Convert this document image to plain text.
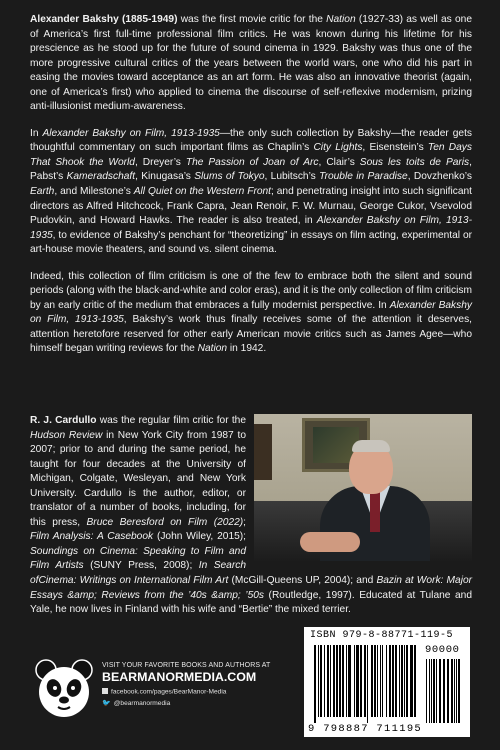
Alexander Bakshy (1885-1949) was the first movie critic for the Nation (1927-33) as well as one of America’s first full-time professional film critics. He was known during his lifetime for his prescience as he stood up for the future of sound cinema in 1929. Bakshy was thus one of the more progressive cultural critics of the years between the world wars, one who did his part in easing the movies toward acceptance as an art form. He was also an innovative theorist (again, one of America’s first) who applied to cinema the discourse of self-reflexive modernism, prizing anti-illusionist medium-awareness.

In Alexander Bakshy on Film, 1913-1935—the only such collection by Bakshy—the reader gets thoughtful commentary on such important films as Chaplin’s City Lights, Eisenstein’s Ten Days That Shook the World, Dreyer’s The Passion of Joan of Arc, Clair’s Sous les toits de Paris, Pabst’s Kameradschaft, Kinugasa’s Slums of Tokyo, Lubitsch’s Trouble in Paradise, Dovzhenko’s Earth, and Milestone’s All Quiet on the Western Front; and penetrating insight into such significant directors as Alfred Hitchcock, Frank Capra, Jean Renoir, F. W. Murnau, George Cukor, Vsevolod Pudovkin, and Howard Hawks. The reader is also treated, in Alexander Bakshy on Film, 1913-1935, to evidence of Bakshy’s penchant for “theoretizing” in essays on film acting, experimental or art-house movie theaters, and sound vs. silent cinema.

Indeed, this collection of film criticism is one of the few to embrace both the silent and sound periods (along with the black-and-white and color eras), and it is the only collection of film criticism by an early critic of the medium that embraces a fully modernist perspective. In Alexander Bakshy on Film, 1913-1935, Bakshy’s work thus finally receives some of the attention it deserves, attention heretofore reserved for other early American movie critics such as James Agee—who himself began writing reviews for the Nation in 1942.

R. J. Cardullo was the regular film critic for the Hudson Review in New York City from 1987 to 2007; prior to and during the same period, he taught for four decades at the University of Michigan, Colgate, Wesleyan, and New York University. Cardullo is the author, editor, or translator of a number of books, including, for this press, Bruce Beresford on Film (2022); Film Analysis: A Casebook (John Wiley, 2015); Soundings on Cinema: Speaking to Film and Film Artists (SUNY Press, 2008); In Search ofCinema: Writings on International Film Art (McGill-Queens UP, 2004); and Bazin at Work: Major Essays &amp; Reviews from the ’40s &amp; ’50s (Routledge, 1997). Educated at Tulane and Yale, he now lives in Finland with his wife and “Bertie” the mixed terrier.

VISIT YOUR FAVORITE BOOKS AND AUTHORS AT
BEARMANORMEDIA.COM
facebook.com/pages/BearManor-Media
🐦 @bearmanormedia
ISBN 979-8-88771-119-5
90000
9 798887 711195
